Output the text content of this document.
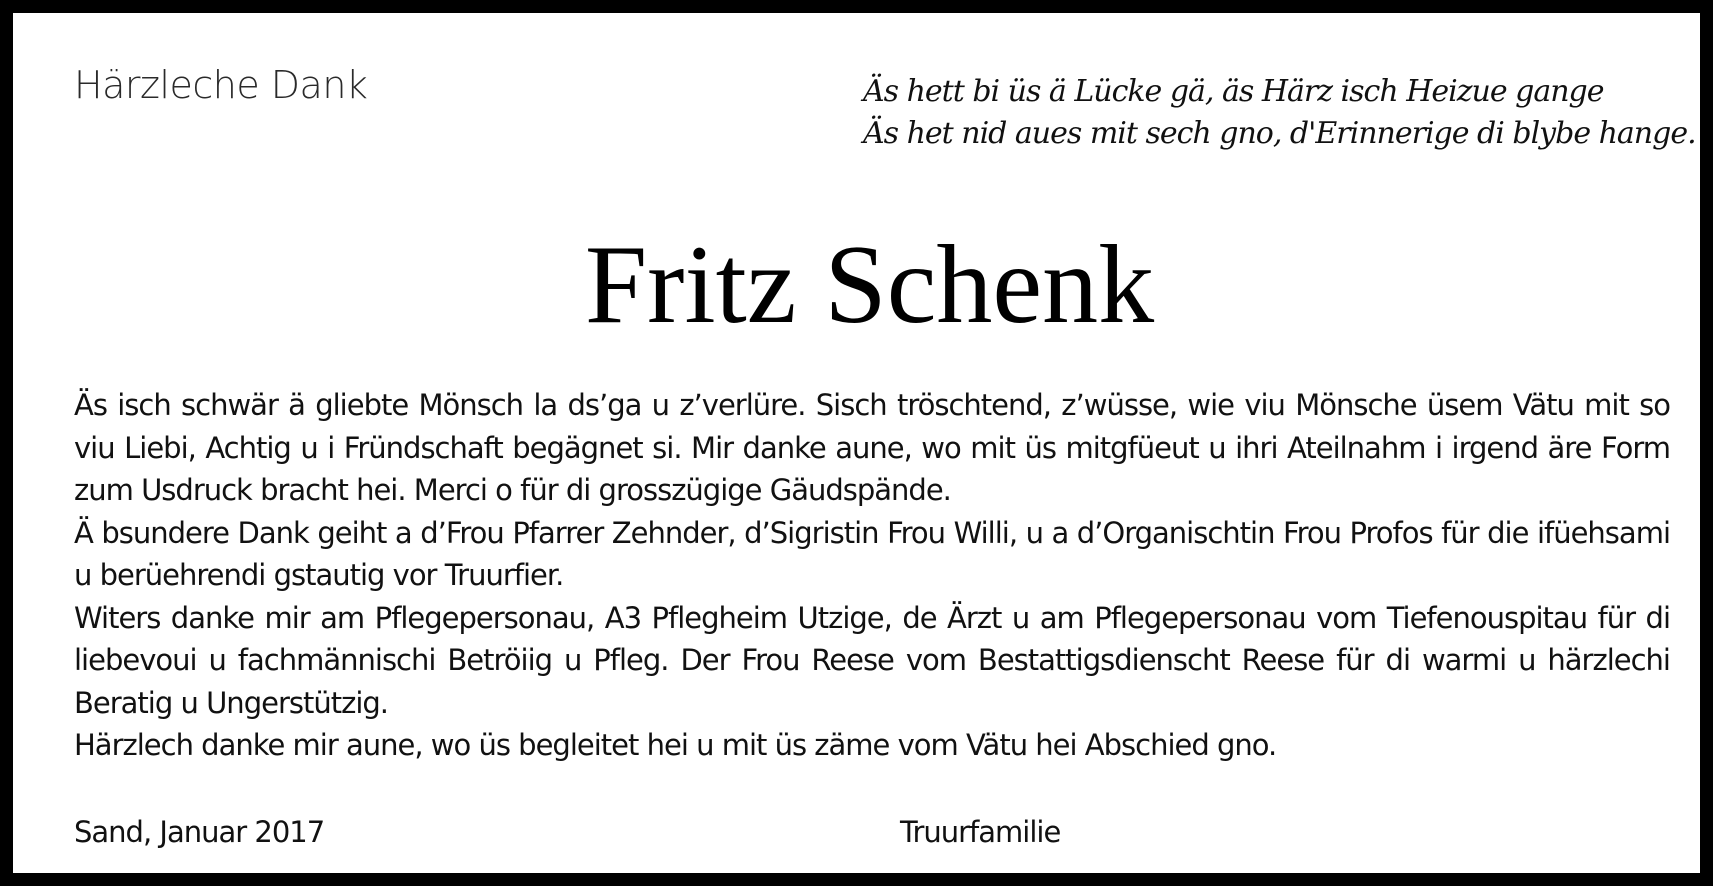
Härzleche Dank	Äs hett bi üs ä Lücke gä, äs Härz isch Heizue gange
Äs het nid aues mit sech gno, d'Erinnerige di blybe hange.
Fritz Schenk

Äs isch schwär ä gliebte Mönsch la ds’ga u z’verlüre. Sisch tröschtend, z’wüsse, wie viu Mönsche üsem Vätu mit so viu Liebi, Achtig u i Fründschaft begägnet si. Mir danke aune, wo mit üs mitgfüeut u ihri Ateilnahm i irgend äre Form zum Usdruck bracht hei. Merci o für di grosszügige Gäudspände.

Ä bsundere Dank geiht a d’Frou Pfarrer Zehnder, d’Sigristin Frou Willi, u a d’Organischtin Frou Profos für die ifüehsami u berüehrendi gstautig vor Truurfier.

Witers danke mir am Pflegepersonau, A3 Pflegheim Utzige, de Ärzt u am Pflegepersonau vom Tiefenouspitau für di liebevoui u fachmännischi Betröiig u Pfleg. Der Frou Reese vom Bestattigsdienscht Reese für di warmi u härzlechi Beratig u Ungerstützig.

Härzlech danke mir aune, wo üs begleitet hei u mit üs zäme vom Vätu hei Abschied gno.

Sand, Januar 2017	Truurfamilie
